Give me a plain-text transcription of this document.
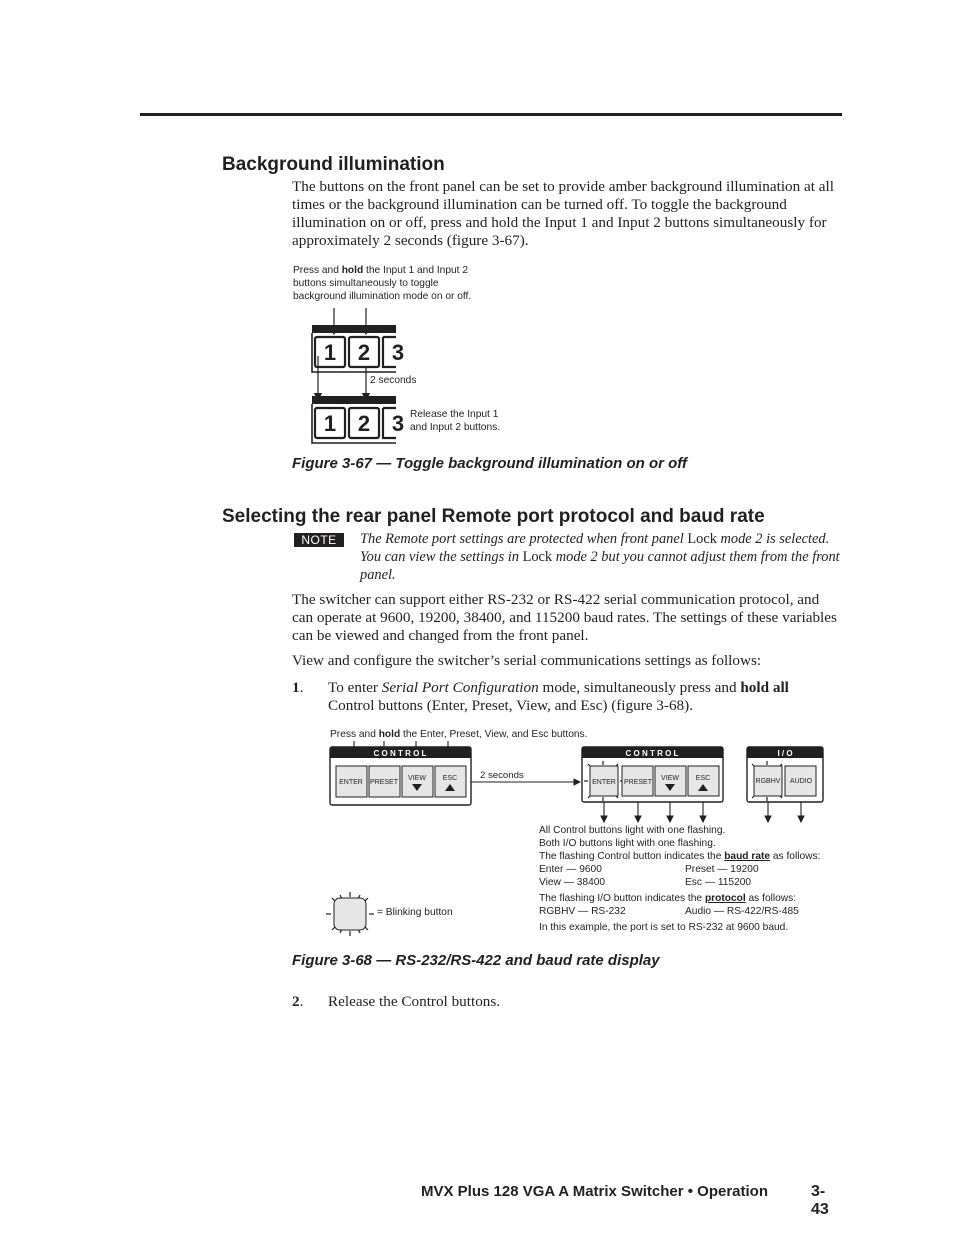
Background illumination

The buttons on the front panel can be set to provide amber background illumination at all times or the background illumination can be turned off. To toggle the background illumination on or off, press and hold the Input 1 and Input 2 buttons simultaneously for approximately 2 seconds (figure 3-67).

Press and hold the Input 1 and Input 2 buttons simultaneously to toggle background illumination mode on or off.

1 2 3
2 seconds
1 2 3 Release the Input 1
and Input 2 buttons.

Figure 3-67 — Toggle background illumination on or off

Selecting the rear panel Remote port protocol and baud rate
NOTE	The Remote port settings are protected when front panel Lock mode 2 is selected. You can view the settings in Lock mode 2 but you cannot adjust them from the front panel.

The switcher can support either RS-232 or RS-422 serial communication protocol, and can operate at 9600, 19200, 38400, and 115200 baud rates. The settings of these variables can be viewed and changed from the front panel.

View and configure the switcher’s serial communications settings as follows:

1. To enter Serial Port Configuration mode, simultaneously press and hold all Control buttons (Enter, Preset, View, and Esc) (figure 3-68).

Press and hold the Enter, Preset, View, and Esc buttons.

C O N T R O L
ENTER PRESET
VIEW ESC 2 seconds
C O N T R O L
ENTER PRESET
VIEW ESC
I / O
RGBHV AUDIO

= Blinking button

All Control buttons light with one flashing.
Both I/O buttons light with one flashing.
The flashing Control button indicates the baud rate as follows:
Enter — 9600	Preset — 19200
View — 38400	Esc — 115200
The flashing I/O button indicates the protocol as follows:
RGBHV — RS-232	Audio — RS-422/RS-485
In this example, the port is set to RS-232 at 9600 baud.

Figure 3-68 — RS-232/RS-422 and baud rate display

2. Release the Control buttons.
MVX Plus 128 VGA A Matrix Switcher • Operation	3-43
